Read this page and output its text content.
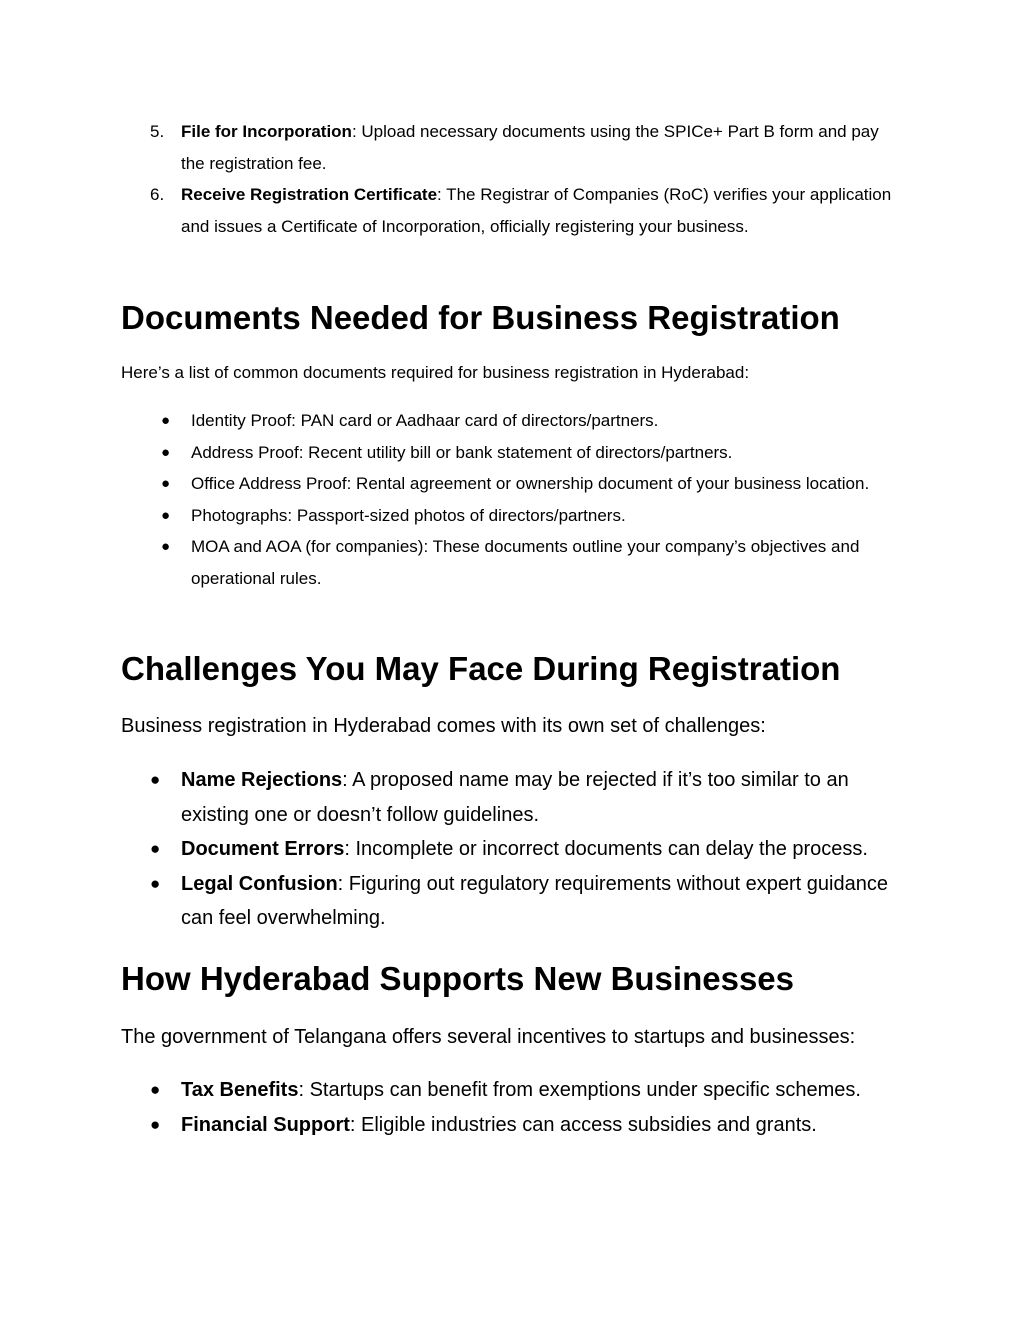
5. File for Incorporation: Upload necessary documents using the SPICe+ Part B form and pay the registration fee.
6. Receive Registration Certificate: The Registrar of Companies (RoC) verifies your application and issues a Certificate of Incorporation, officially registering your business.
Documents Needed for Business Registration

Here’s a list of common documents required for business registration in Hyderabad:

● Identity Proof: PAN card or Aadhaar card of directors/partners.
● Address Proof: Recent utility bill or bank statement of directors/partners.
● Office Address Proof: Rental agreement or ownership document of your business location.
● Photographs: Passport-sized photos of directors/partners.
● MOA and AOA (for companies): These documents outline your company’s objectives and operational rules.
Challenges You May Face During Registration

Business registration in Hyderabad comes with its own set of challenges:

● Name Rejections: A proposed name may be rejected if it’s too similar to an existing one or doesn’t follow guidelines.
● Document Errors: Incomplete or incorrect documents can delay the process.
● Legal Confusion: Figuring out regulatory requirements without expert guidance can feel overwhelming.
How Hyderabad Supports New Businesses

The government of Telangana offers several incentives to startups and businesses:

● Tax Benefits: Startups can benefit from exemptions under specific schemes.
● Financial Support: Eligible industries can access subsidies and grants.
